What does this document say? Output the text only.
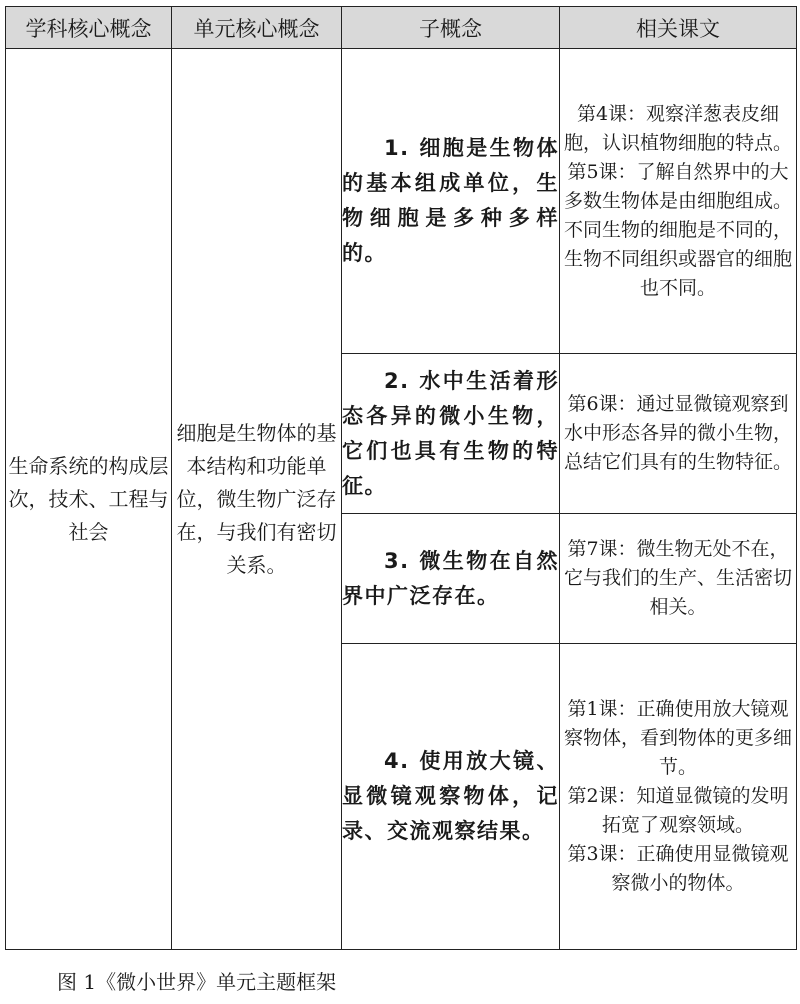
学科核心概念	单元核心概念	子概念	相关课文
生命系统的构成层次，技术、工程与社会	细胞是生物体的基本结构和功能单位，微生物广泛存在，与我们有密切关系。	1. 细胞是生物体的基本组成单位，生物细胞是多种多样的。	第4课：观察洋葱表皮细胞，认识植物细胞的特点。
第5课：了解自然界中的大多数生物体是由细胞组成。不同生物的细胞是不同的，生物不同组织或器官的细胞也不同。

		2. 水中生活着形态各异的微小生物，它们也具有生物的特征。	第6课：通过显微镜观察到水中形态各异的微小生物，总结它们具有的生物特征。

		3. 微生物在自然界中广泛存在。	第7课：微生物无处不在，它与我们的生产、生活密切相关。

		4. 使用放大镜、显微镜观察物体，记录、交流观察结果。	第1课：正确使用放大镜观察物体，看到物体的更多细节。
第2课：知道显微镜的发明拓宽了观察领域。
第3课：正确使用显微镜观察微小的物体。
图 1《微小世界》单元主题框架
